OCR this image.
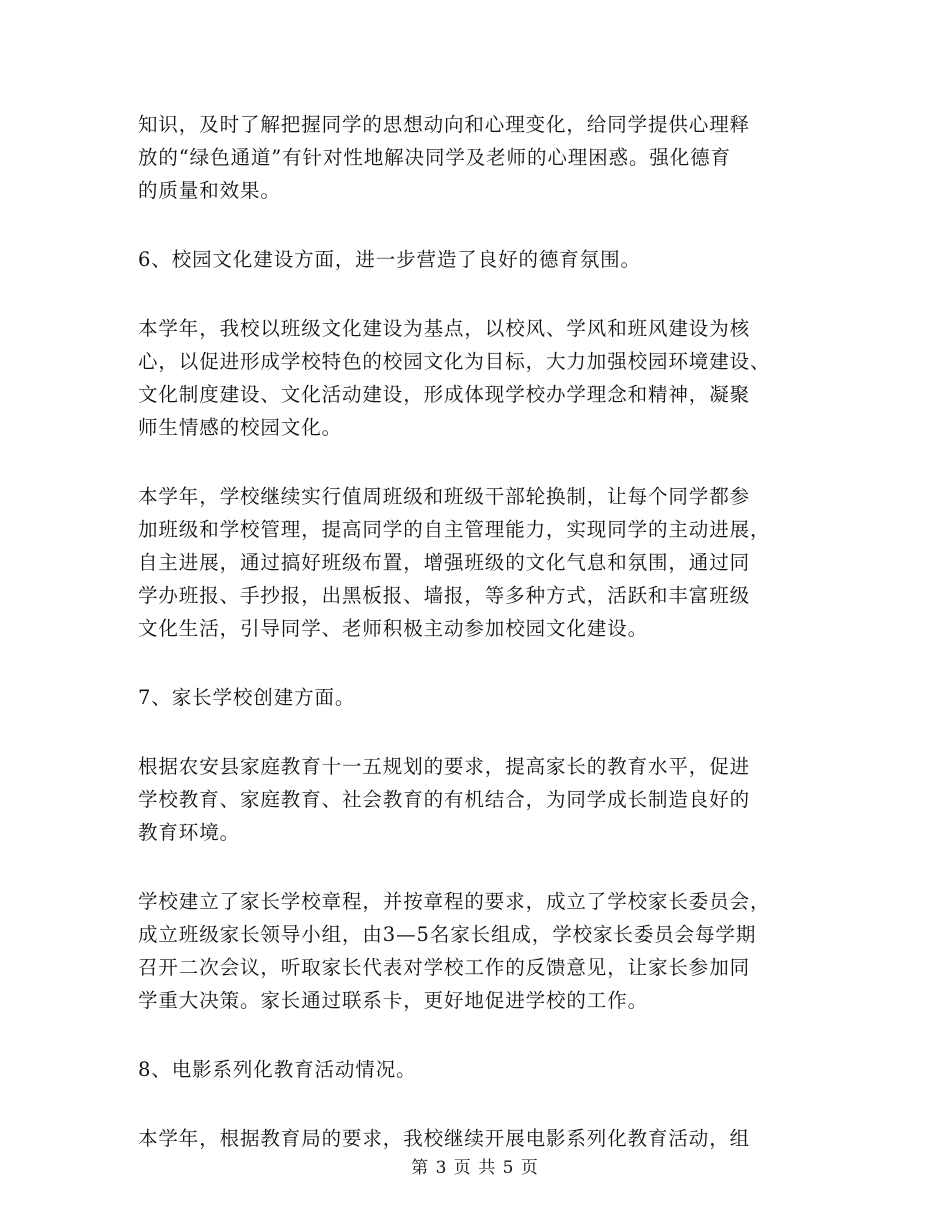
知识，及时了解把握同学的思想动向和心理变化，给同学提供心理释
放的“绿色通道”有针对性地解决同学及老师的心理困惑。强化德育
的质量和效果。

6、校园文化建设方面，进一步营造了良好的德育氛围。

本学年，我校以班级文化建设为基点，以校风、学风和班风建设为核
心，以促进形成学校特色的校园文化为目标，大力加强校园环境建设、
文化制度建设、文化活动建设，形成体现学校办学理念和精神，凝聚
师生情感的校园文化。

本学年，学校继续实行值周班级和班级干部轮换制，让每个同学都参
加班级和学校管理，提高同学的自主管理能力，实现同学的主动进展，
自主进展，通过搞好班级布置，增强班级的文化气息和氛围，通过同
学办班报、手抄报，出黑板报、墙报，等多种方式，活跃和丰富班级
文化生活，引导同学、老师积极主动参加校园文化建设。

7、家长学校创建方面。

根据农安县家庭教育十一五规划的要求，提高家长的教育水平，促进
学校教育、家庭教育、社会教育的有机结合，为同学成长制造良好的
教育环境。

学校建立了家长学校章程，并按章程的要求，成立了学校家长委员会，
成立班级家长领导小组，由3—5名家长组成，学校家长委员会每学期
召开二次会议，听取家长代表对学校工作的反馈意见，让家长参加同
学重大决策。家长通过联系卡，更好地促进学校的工作。

8、电影系列化教育活动情况。

本学年，根据教育局的要求，我校继续开展电影系列化教育活动，组

第 3 页 共 5 页
